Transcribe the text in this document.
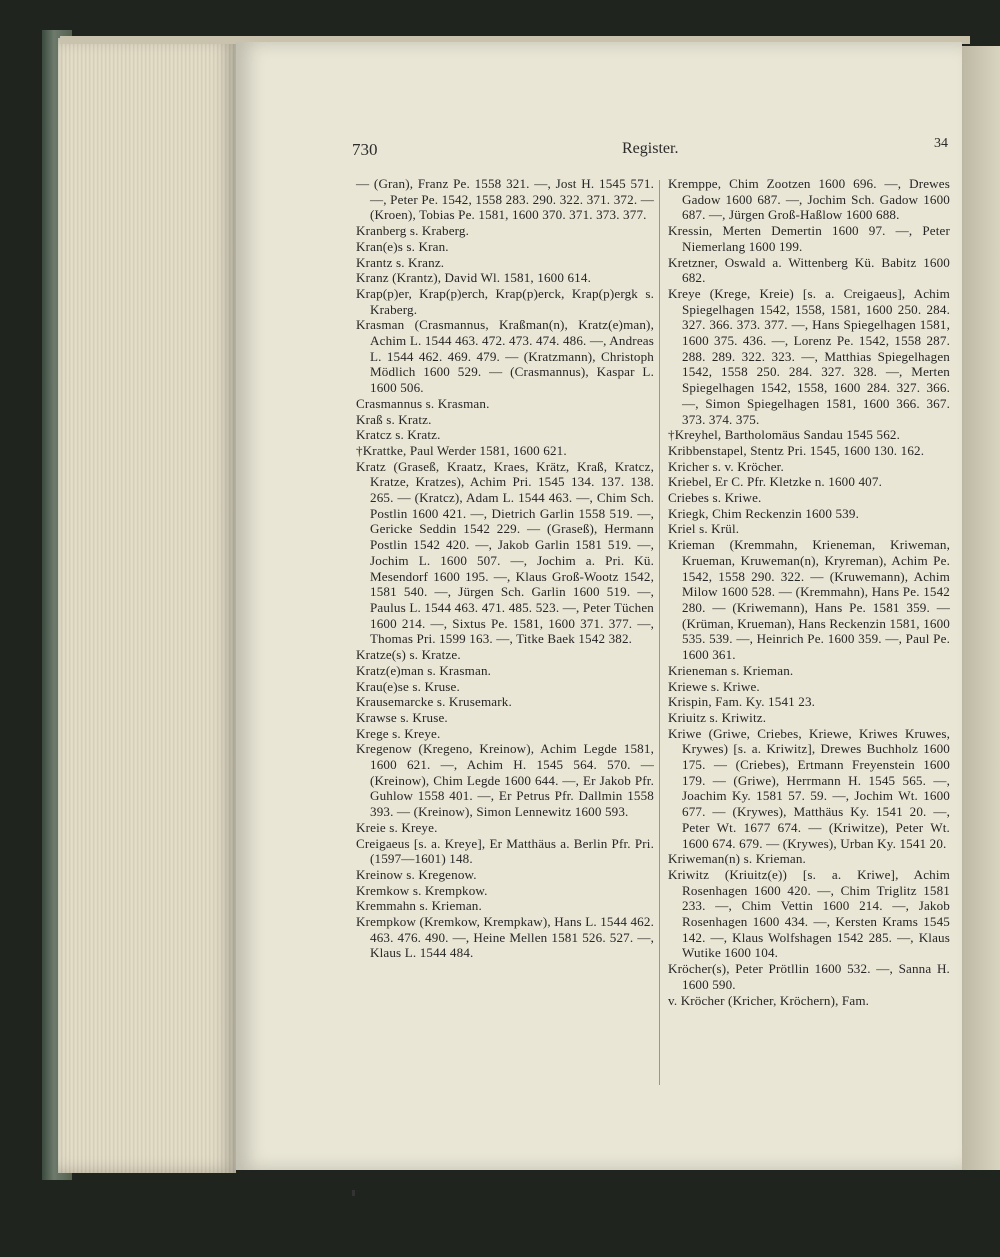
730	Register.	34

— (Gran), Franz Pe. 1558 321. —, Jost H. 1545 571. —, Peter Pe. 1542, 1558 283. 290. 322. 371. 372. — (Kroen), Tobias Pe. 1581, 1600 370. 371. 373. 377.

Kranberg s. Kraberg.

Kran(e)s s. Kran.

Krantz s. Kranz.

Kranz (Krantz), David Wl. 1581, 1600 614.

Krap(p)er, Krap(p)erch, Krap(p)erck, Krap(p)ergk s. Kraberg.

Krasman (Crasmannus, Kraßman(n), Kratz(e)man), Achim L. 1544 463. 472. 473. 474. 486. —, Andreas L. 1544 462. 469. 479. — (Kratzmann), Christoph Mödlich 1600 529. — (Crasmannus), Kaspar L. 1600 506.

Crasmannus s. Krasman.

Kraß s. Kratz.

Kratcz s. Kratz.

†Krattke, Paul Werder 1581, 1600 621.

Kratz (Graseß, Kraatz, Kraes, Krätz, Kraß, Kratcz, Kratze, Kratzes), Achim Pri. 1545 134. 137. 138. 265. — (Kratcz), Adam L. 1544 463. —, Chim Sch. Postlin 1600 421. —, Dietrich Garlin 1558 519. —, Gericke Seddin 1542 229. — (Graseß), Hermann Postlin 1542 420. —, Jakob Garlin 1581 519. —, Jochim L. 1600 507. —, Jochim a. Pri. Kü. Mesendorf 1600 195. —, Klaus Groß-Wootz 1542, 1581 540. —, Jürgen Sch. Garlin 1600 519. —, Paulus L. 1544 463. 471. 485. 523. —, Peter Tüchen 1600 214. —, Sixtus Pe. 1581, 1600 371. 377. —, Thomas Pri. 1599 163. —, Titke Baek 1542 382.

Kratze(s) s. Kratze.

Kratz(e)man s. Krasman.

Krau(e)se s. Kruse.

Krausemarcke s. Krusemark.

Krawse s. Kruse.

Krege s. Kreye.

Kregenow (Kregeno, Kreinow), Achim Legde 1581, 1600 621. —, Achim H. 1545 564. 570. — (Kreinow), Chim Legde 1600 644. —, Er Jakob Pfr. Guhlow 1558 401. —, Er Petrus Pfr. Dallmin 1558 393. — (Kreinow), Simon Lennewitz 1600 593.

Kreie s. Kreye.

Creigaeus [s. a. Kreye], Er Matthäus a. Berlin Pfr. Pri. (1597—1601) 148.

Kreinow s. Kregenow.

Kremkow s. Krempkow.

Kremmahn s. Krieman.

Krempkow (Kremkow, Krempkaw), Hans L. 1544 462. 463. 476. 490. —, Heine Mellen 1581 526. 527. —, Klaus L. 1544 484.

Kremppe, Chim Zootzen 1600 696. —, Drewes Gadow 1600 687. —, Jochim Sch. Gadow 1600 687. —, Jürgen Groß-Haßlow 1600 688.

Kressin, Merten Demertin 1600 97. —, Peter Niemerlang 1600 199.

Kretzner, Oswald a. Wittenberg Kü. Babitz 1600 682.

Kreye (Krege, Kreie) [s. a. Creigaeus], Achim Spiegelhagen 1542, 1558, 1581, 1600 250. 284. 327. 366. 373. 377. —, Hans Spiegelhagen 1581, 1600 375. 436. —, Lorenz Pe. 1542, 1558 287. 288. 289. 322. 323. —, Matthias Spiegelhagen 1542, 1558 250. 284. 327. 328. —, Merten Spiegelhagen 1542, 1558, 1600 284. 327. 366. —, Simon Spiegelhagen 1581, 1600 366. 367. 373. 374. 375.

†Kreyhel, Bartholomäus Sandau 1545 562.

Kribbenstapel, Stentz Pri. 1545, 1600 130. 162.

Kricher s. v. Kröcher.

Kriebel, Er C. Pfr. Kletzke n. 1600 407.

Criebes s. Kriwe.

Kriegk, Chim Reckenzin 1600 539.

Kriel s. Krül.

Krieman (Kremmahn, Krieneman, Kriweman, Krueman, Kruweman(n), Kryreman), Achim Pe. 1542, 1558 290. 322. — (Kruwemann), Achim Milow 1600 528. — (Kremmahn), Hans Pe. 1542 280. — (Kriwemann), Hans Pe. 1581 359. — (Krüman, Krueman), Hans Reckenzin 1581, 1600 535. 539. —, Heinrich Pe. 1600 359. —, Paul Pe. 1600 361.

Krieneman s. Krieman.

Kriewe s. Kriwe.

Krispin, Fam. Ky. 1541 23.

Kriuitz s. Kriwitz.

Kriwe (Griwe, Criebes, Kriewe, Kriwes Kruwes, Krywes) [s. a. Kriwitz], Drewes Buchholz 1600 175. — (Criebes), Ertmann Freyenstein 1600 179. — (Griwe), Herrmann H. 1545 565. —, Joachim Ky. 1581 57. 59. —, Jochim Wt. 1600 677. — (Krywes), Matthäus Ky. 1541 20. —, Peter Wt. 1677 674. — (Kriwitze), Peter Wt. 1600 674. 679. — (Krywes), Urban Ky. 1541 20.

Kriweman(n) s. Krieman.

Kriwitz (Kriuitz(e)) [s. a. Kriwe], Achim Rosenhagen 1600 420. —, Chim Triglitz 1581 233. —, Chim Vettin 1600 214. —, Jakob Rosenhagen 1600 434. —, Kersten Krams 1545 142. —, Klaus Wolfshagen 1542 285. —, Klaus Wutike 1600 104.

Kröcher(s), Peter Prötllin 1600 532. —, Sanna H. 1600 590.

v. Kröcher (Kricher, Kröchern), Fam.
